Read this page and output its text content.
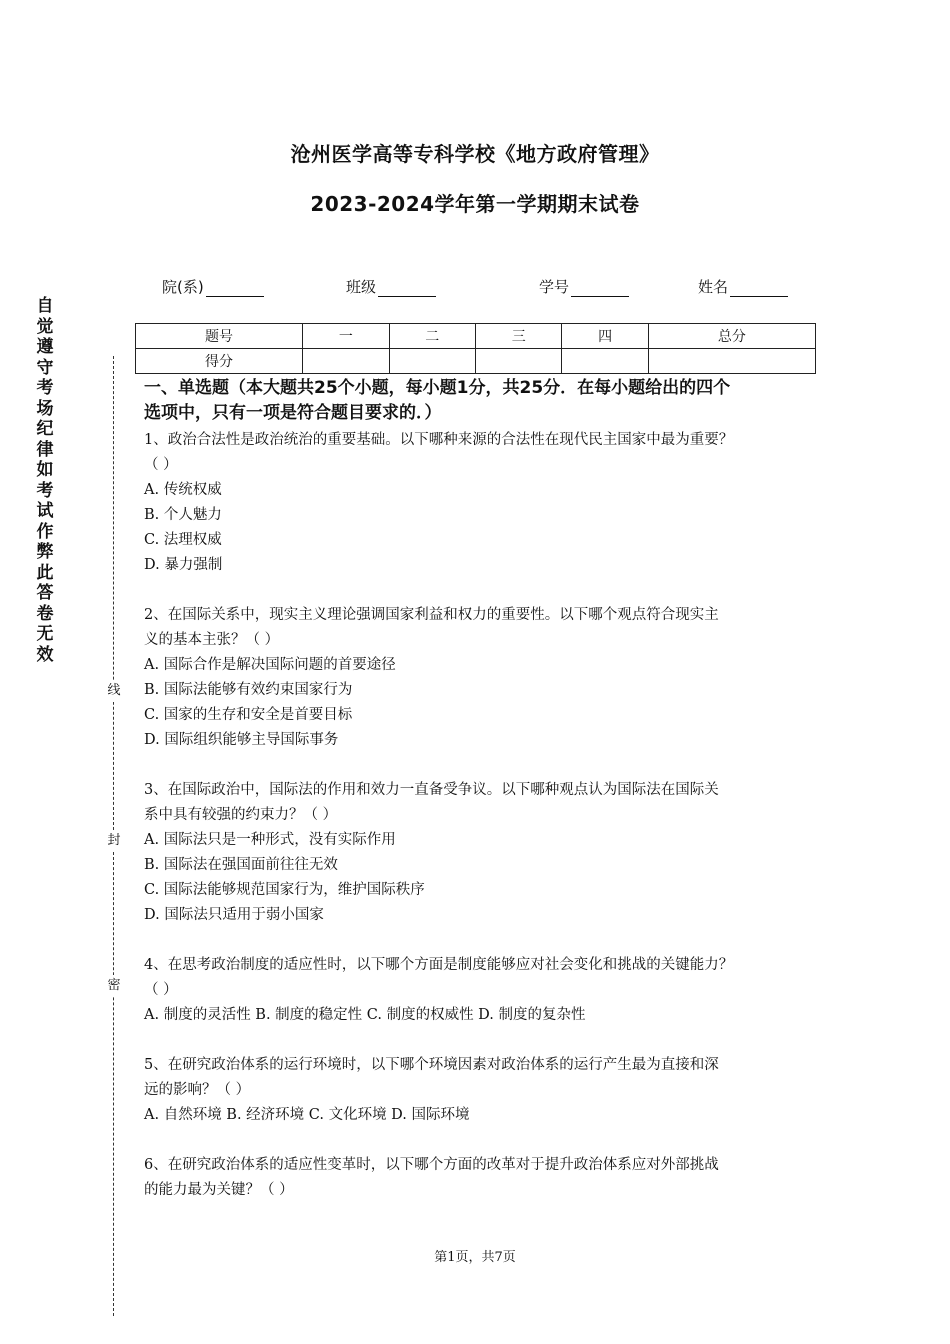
沧州医学高等专科学校《地方政府管理》
2023-2024学年第一学期期末试卷
院(系)	班级	学号	姓名
题号	一	二	三	四	总分
得分					
自觉遵守考场纪律如考试作弊此答卷无效
线
封
密

一、单选题（本大题共25个小题，每小题1分，共25分．在每小题给出的四个
选项中，只有一项是符合题目要求的．）

1、政治合法性是政治统治的重要基础。以下哪种来源的合法性在现代民主国家中最为重要？

（ ）

A. 传统权威

B. 个人魅力

C. 法理权威

D. 暴力强制

2、在国际关系中，现实主义理论强调国家利益和权力的重要性。以下哪个观点符合现实主

义的基本主张？（ ）

A. 国际合作是解决国际问题的首要途径

B. 国际法能够有效约束国家行为

C. 国家的生存和安全是首要目标

D. 国际组织能够主导国际事务

3、在国际政治中，国际法的作用和效力一直备受争议。以下哪种观点认为国际法在国际关

系中具有较强的约束力？（ ）

A. 国际法只是一种形式，没有实际作用

B. 国际法在强国面前往往无效

C. 国际法能够规范国家行为，维护国际秩序

D. 国际法只适用于弱小国家

4、在思考政治制度的适应性时，以下哪个方面是制度能够应对社会变化和挑战的关键能力？

（ ）

A. 制度的灵活性 B. 制度的稳定性 C. 制度的权威性 D. 制度的复杂性

5、在研究政治体系的运行环境时，以下哪个环境因素对政治体系的运行产生最为直接和深

远的影响？（ ）

A. 自然环境 B. 经济环境 C. 文化环境 D. 国际环境

6、在研究政治体系的适应性变革时，以下哪个方面的改革对于提升政治体系应对外部挑战

的能力最为关键？（ ）

第1页，共7页
